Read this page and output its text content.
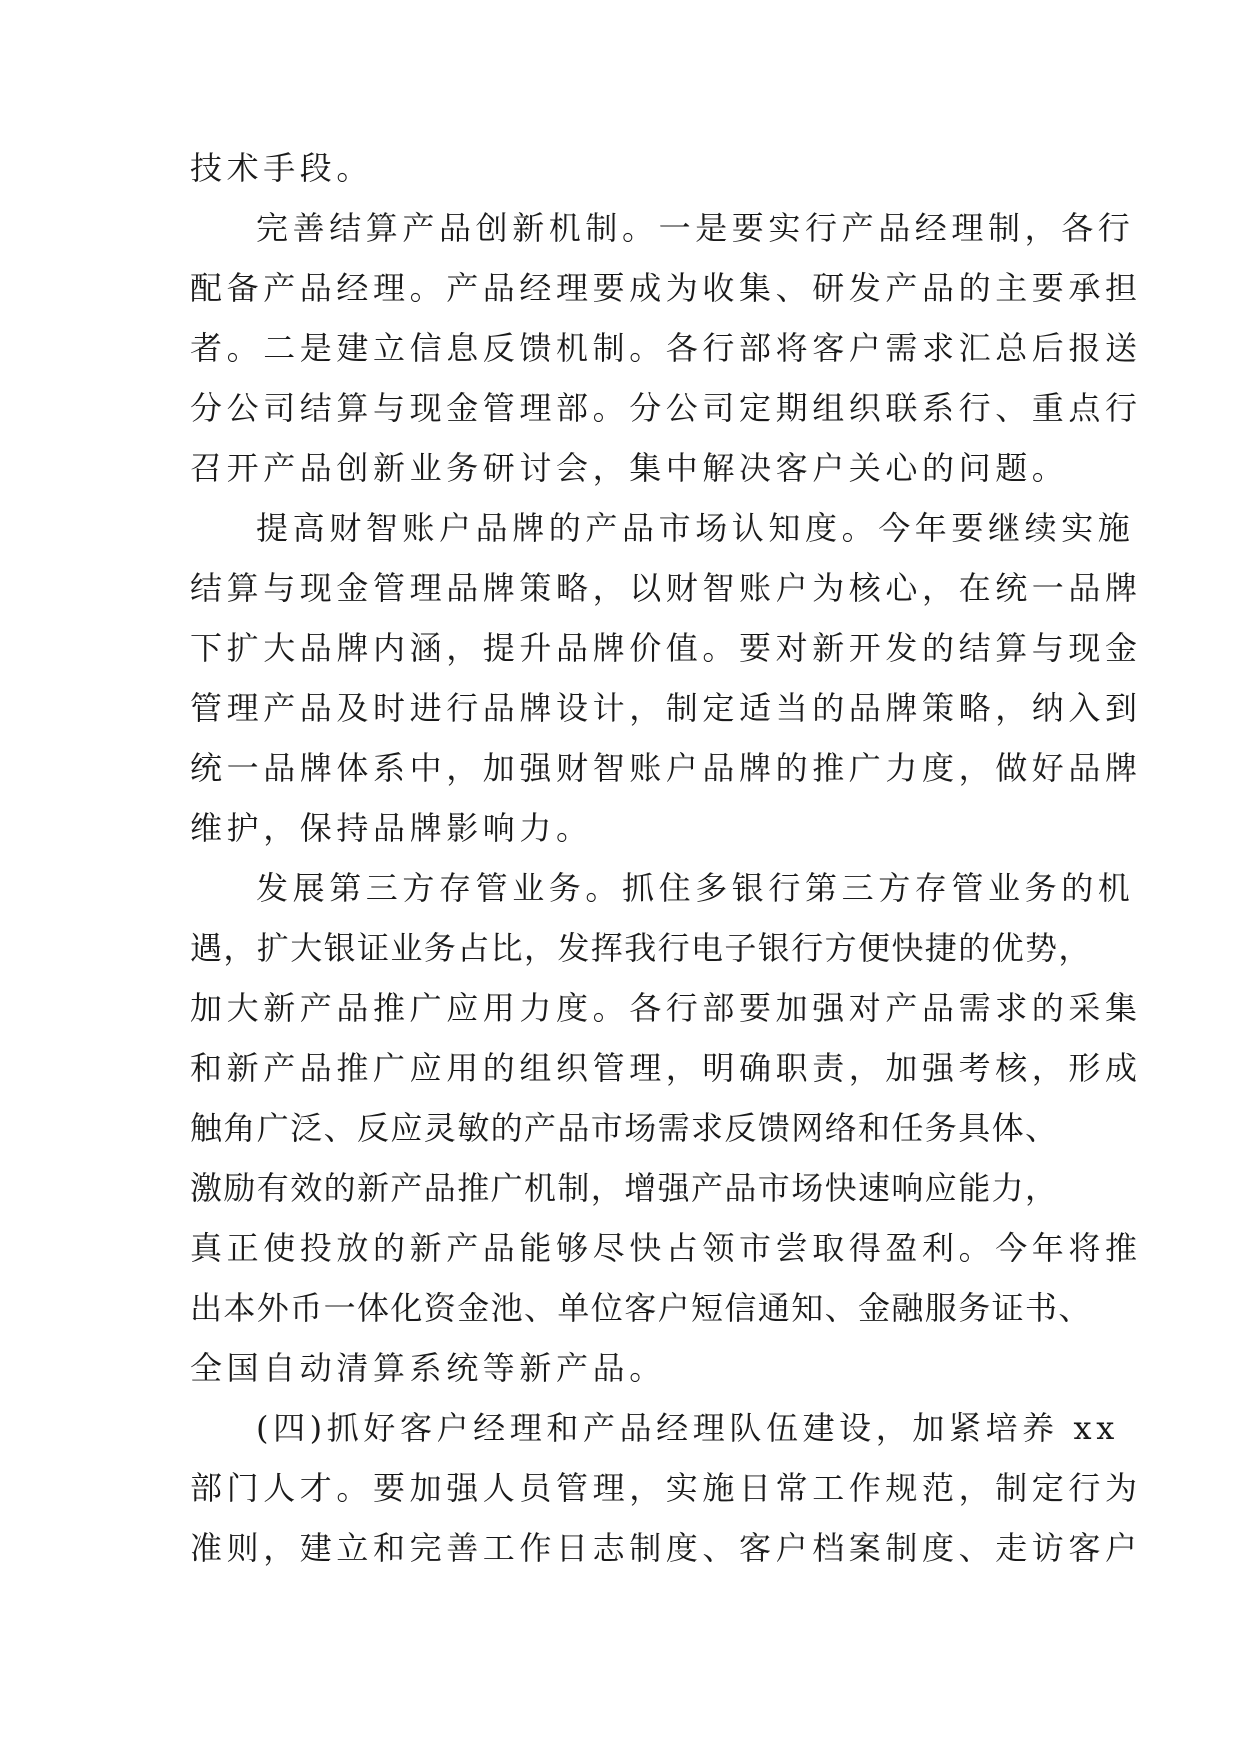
技术手段。
完善结算产品创新机制。一是要实行产品经理制，各行
配备产品经理。产品经理要成为收集、研发产品的主要承担
者。二是建立信息反馈机制。各行部将客户需求汇总后报送
分公司结算与现金管理部。分公司定期组织联系行、重点行
召开产品创新业务研讨会，集中解决客户关心的问题。
提高财智账户品牌的产品市场认知度。今年要继续实施
结算与现金管理品牌策略，以财智账户为核心，在统一品牌
下扩大品牌内涵，提升品牌价值。要对新开发的结算与现金
管理产品及时进行品牌设计，制定适当的品牌策略，纳入到
统一品牌体系中，加强财智账户品牌的推广力度，做好品牌
维护，保持品牌影响力。
发展第三方存管业务。抓住多银行第三方存管业务的机
遇，扩大银证业务占比，发挥我行电子银行方便快捷的优势，
加大新产品推广应用力度。各行部要加强对产品需求的采集
和新产品推广应用的组织管理，明确职责，加强考核，形成
触角广泛、反应灵敏的产品市场需求反馈网络和任务具体、
激励有效的新产品推广机制，增强产品市场快速响应能力，
真正使投放的新产品能够尽快占领市尝取得盈利。今年将推
出本外币一体化资金池、单位客户短信通知、金融服务证书、
全国自动清算系统等新产品。
(四)抓好客户经理和产品经理队伍建设，加紧培养 xx
部门人才。要加强人员管理，实施日常工作规范，制定行为
准则，建立和完善工作日志制度、客户档案制度、走访客户
